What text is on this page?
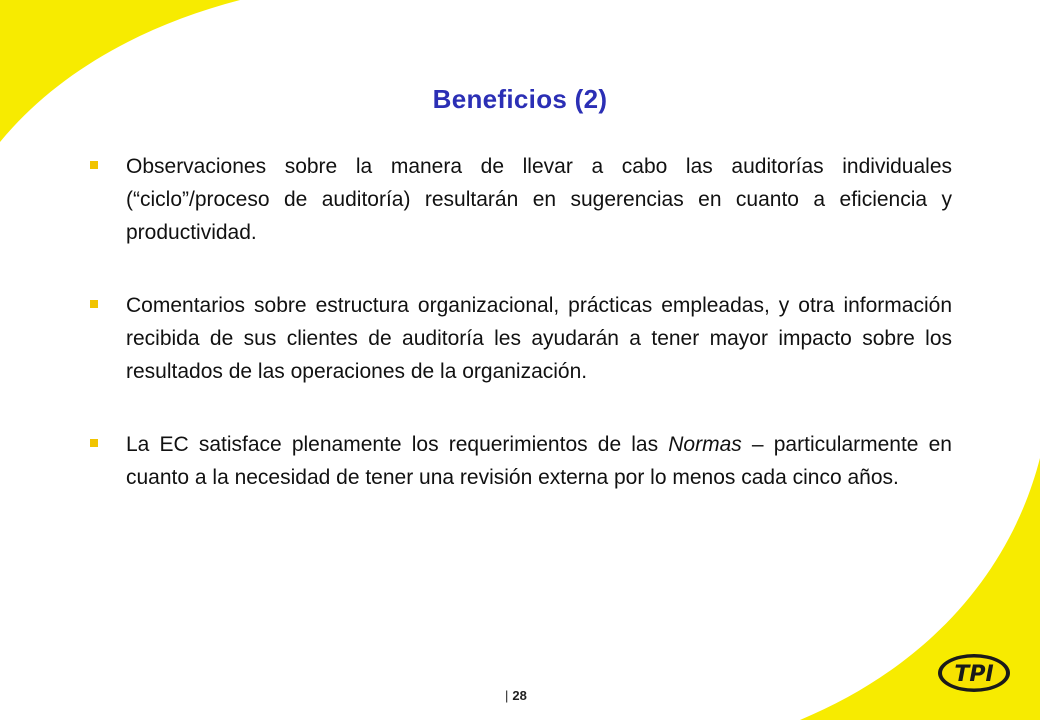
Beneficios (2)
Observaciones sobre la manera de llevar a cabo las auditorías individuales (“ciclo”/proceso de auditoría) resultarán en sugerencias en cuanto a eficiencia y productividad.
Comentarios sobre estructura organizacional, prácticas empleadas, y otra información recibida de sus clientes de auditoría les ayudarán a tener mayor impacto sobre los resultados de las operaciones de la organización.
La EC satisface plenamente los requerimientos de las Normas – particularmente en cuanto a la necesidad de tener una revisión externa por lo menos cada cinco años.
| 28
TPI
